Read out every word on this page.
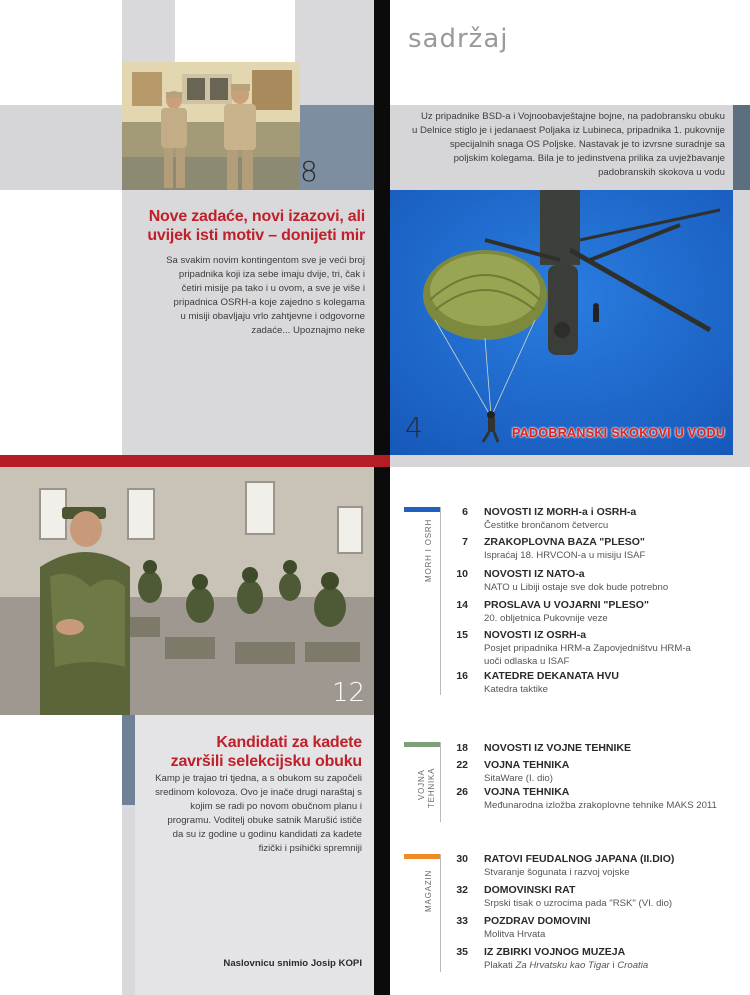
sadržaj
8
Nove zadaće, novi izazovi, ali
uvijek isti motiv – donijeti mir
Sa svakim novim kontingentom sve je veći broj
pripadnika koji iza sebe imaju dvije, tri, čak i
četiri misije pa tako i u ovom, a sve je više i
pripadnica OSRH-a koje zajedno s kolegama
u misiji obavljaju vrlo zahtjevne i odgovorne
zadaće... Upoznajmo neke
Uz pripadnike BSD-a i Vojnoobavještajne bojne, na padobransku obuku
u Delnice stiglo je i jedanaest Poljaka iz Lubineca, pripadnika 1. pukovnije
specijalnih snaga OS Poljske. Nastavak je to izvrsne suradnje sa
poljskim kolegama. Bila je to jedinstvena prilika za uvježbavanje
padobranskih skokova u vodu
4	PADOBRANSKI SKOKOVI U VODU
12
Kandidati za kadete
završili selekcijsku obuku
Kamp je trajao tri tjedna, a s obukom su započeli
sredinom kolovoza. Ovo je inače drugi naraštaj s
kojim se radi po novom obučnom planu i
programu. Voditelj obuke satnik Marušić ističe
da su iz godine u godinu kandidati za kadete
fizički i psihički spremniji
Naslovnicu snimio Josip KOPI
MORH I OSRH
6 NOVOSTI IZ MORH-a i OSRH-a
Čestitke brončanom četvercu
7 ZRAKOPLOVNA BAZA "PLESO"
Ispraćaj 18. HRVCON-a u misiju ISAF
10 NOVOSTI IZ NATO-a
NATO u Libiji ostaje sve dok bude potrebno
14 PROSLAVA U VOJARNI "PLESO"
20. obljetnica Pukovnije veze
15 NOVOSTI IZ OSRH-a
Posjet pripadnika HRM-a Zapovjedništvu HRM-a
uoči odlaska u ISAF
16 KATEDRE DEKANATA HVU
Katedra taktike
VOJNA TEHNIKA
18 NOVOSTI IZ VOJNE TEHNIKE
22 VOJNA TEHNIKA
SitaWare (I. dio)
26 VOJNA TEHNIKA
Međunarodna izložba zrakoplovne tehnike MAKS 2011
MAGAZIN
30 RATOVI FEUDALNOG JAPANA (II.DIO)
Stvaranje šogunata i razvoj vojske
32 DOMOVINSKI RAT
Srpski tisak o uzrocima pada "RSK" (VI. dio)
33 POZDRAV DOMOVINI
Molitva Hrvata
35 IZ ZBIRKI VOJNOG MUZEJA
Plakati Za Hrvatsku kao Tigar i Croatia
